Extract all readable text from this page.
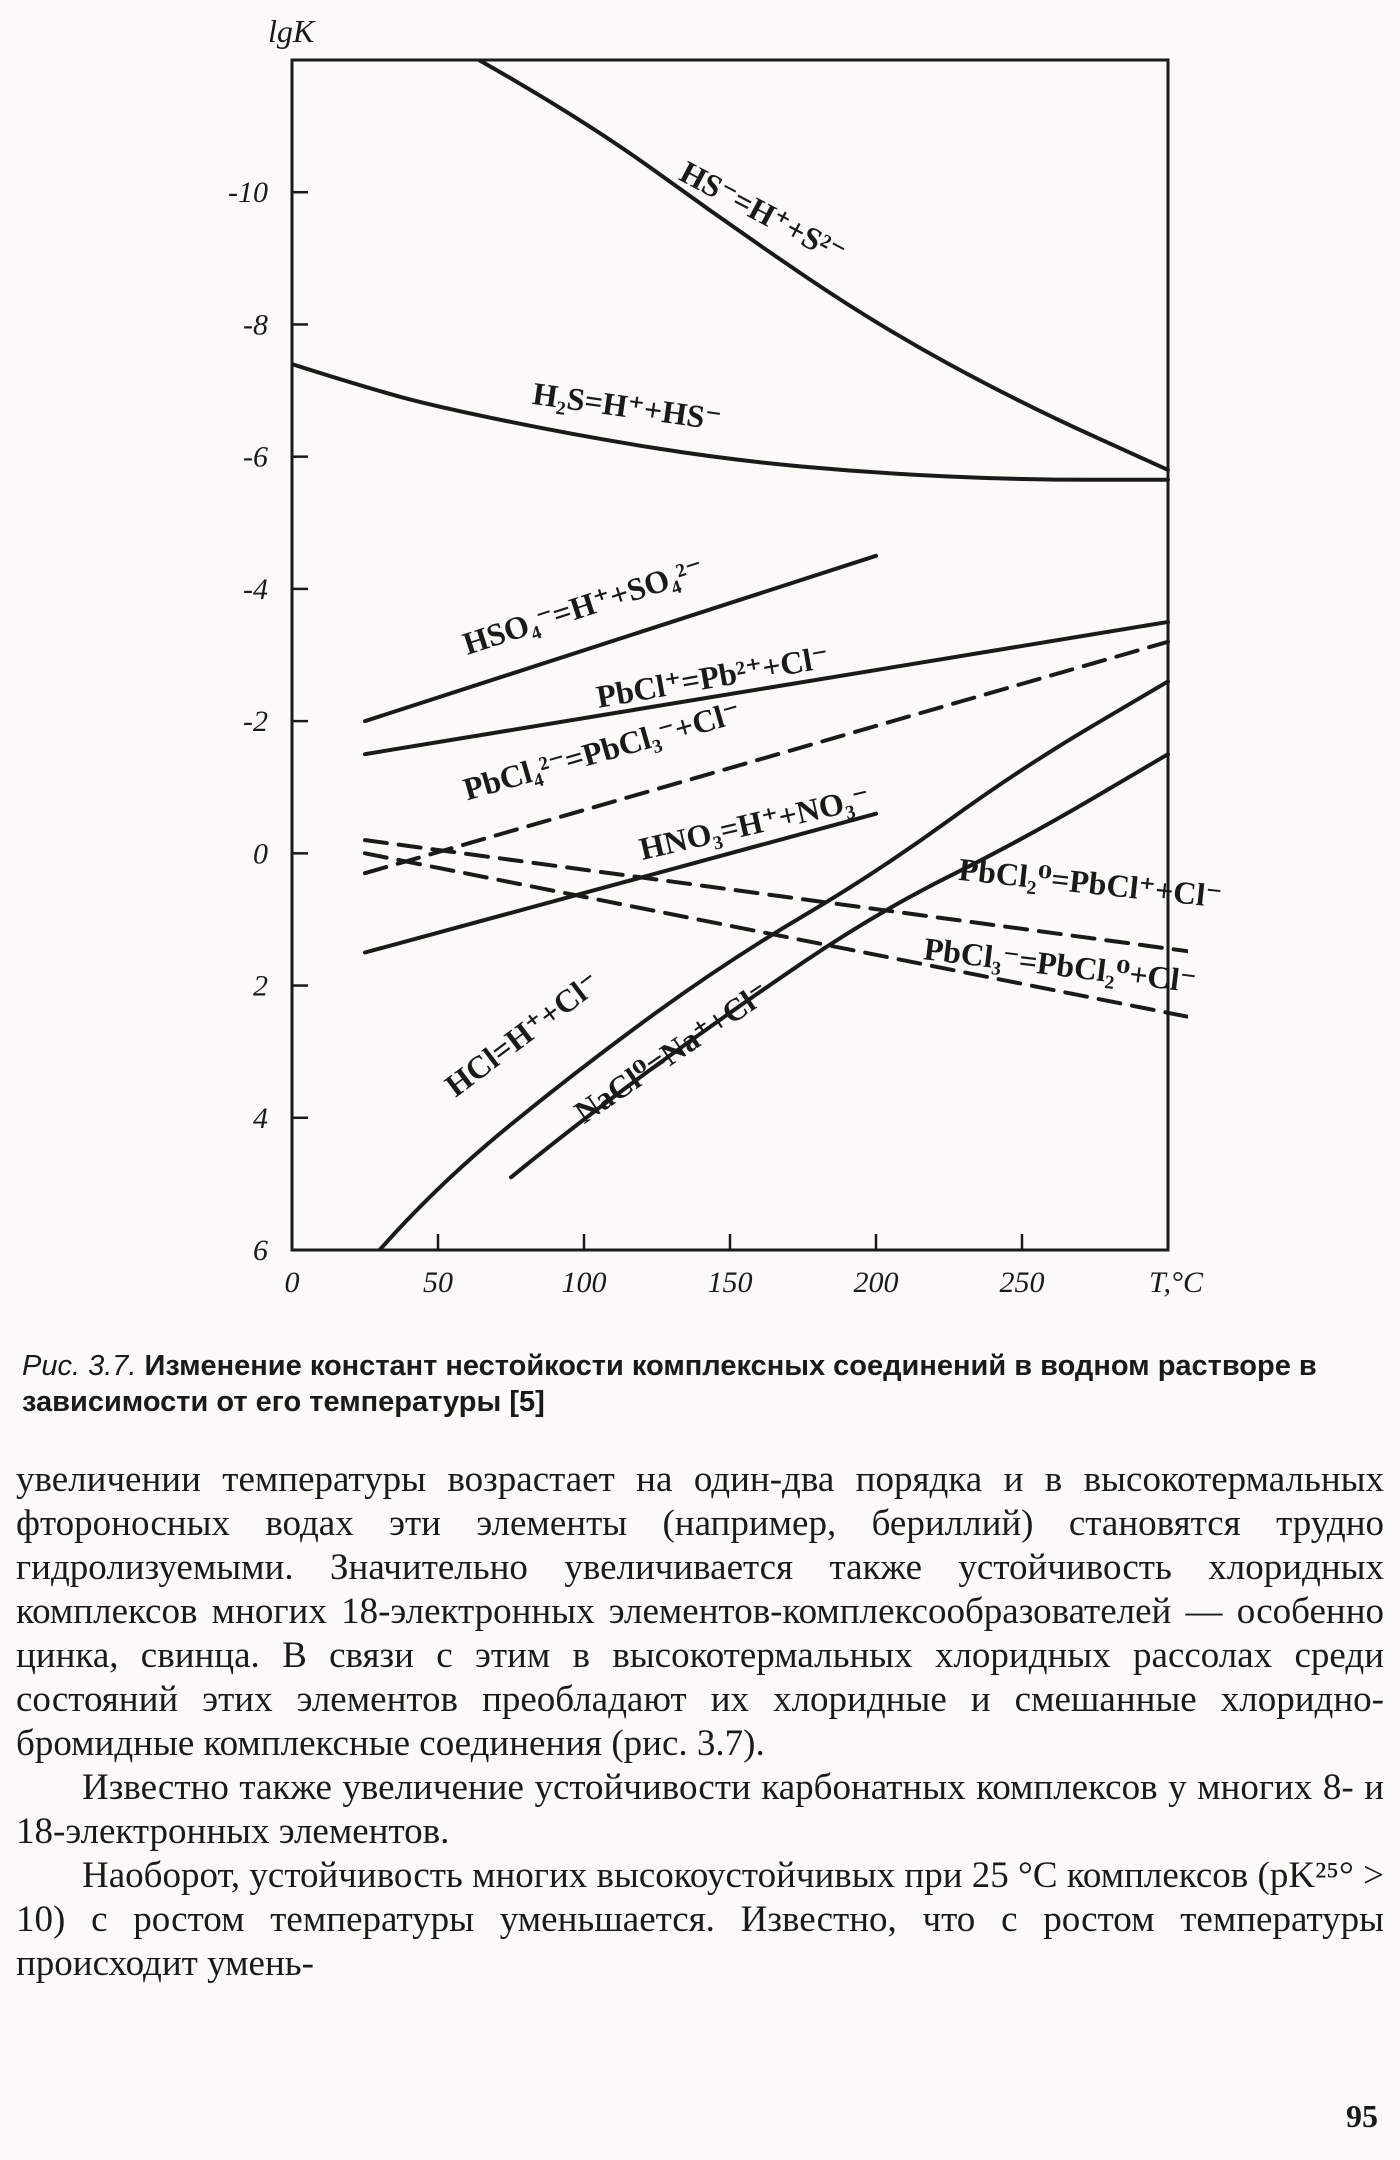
lgK
-10
-8
-6
-4
-2
0
2
4
6
0	50	100	150	200	250	T,°C
HS⁻=H⁺+S²⁻
H₂S=H⁺+HS⁻
HSO₄⁻=H⁺+SO₄²⁻
PbCl⁺=Pb²⁺+Cl⁻
PbCl₄²⁻=PbCl₃⁻+Cl⁻
HNO₃=H⁺+NO₃⁻
PbCl₂⁰=PbCl⁺+Cl⁻
PbCl₃⁻=PbCl₂⁰+Cl⁻
HCl=H⁺+Cl⁻
NaCl⁰=Na⁺+Cl⁻
Рис. 3.7. Изменение констант нестойкости комплексных соединений в водном растворе в зависимости от его температуры [5]

увеличении температуры возрастает на один-два порядка и в высокотермальных фтороносных водах эти элементы (например, бериллий) становятся трудно гидролизуемыми. Значительно увеличивается также устойчивость хлоридных комплексов многих 18-электронных элементов-комплексообразователей — особенно цинка, свинца. В связи с этим в высокотермальных хлоридных рассолах среди состояний этих элементов преобладают их хлоридные и смешанные хлоридно-бромидные комплексные соединения (рис. 3.7).

Известно также увеличение устойчивости карбонатных комплексов у многих 8- и 18-электронных элементов.

Наоборот, устойчивость многих высокоустойчивых при 25 °С комплексов (pK²⁵° > 10) с ростом температуры уменьшается. Известно, что с ростом температуры происходит умень-

95
